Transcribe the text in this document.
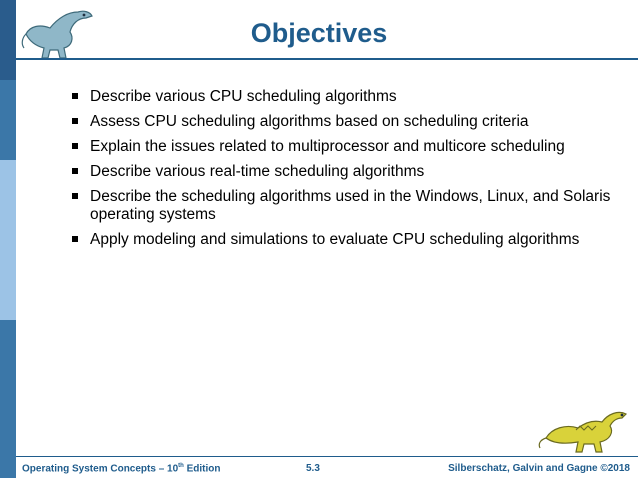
Objectives
Describe various CPU scheduling algorithms
Assess CPU scheduling algorithms based on scheduling criteria
Explain the issues related to multiprocessor and multicore scheduling
Describe various real-time scheduling algorithms
Describe the scheduling algorithms used in the Windows, Linux, and Solaris operating systems
Apply modeling and simulations to evaluate CPU scheduling algorithms
Operating System Concepts – 10th Edition	5.3	Silberschatz, Galvin and Gagne ©2018
